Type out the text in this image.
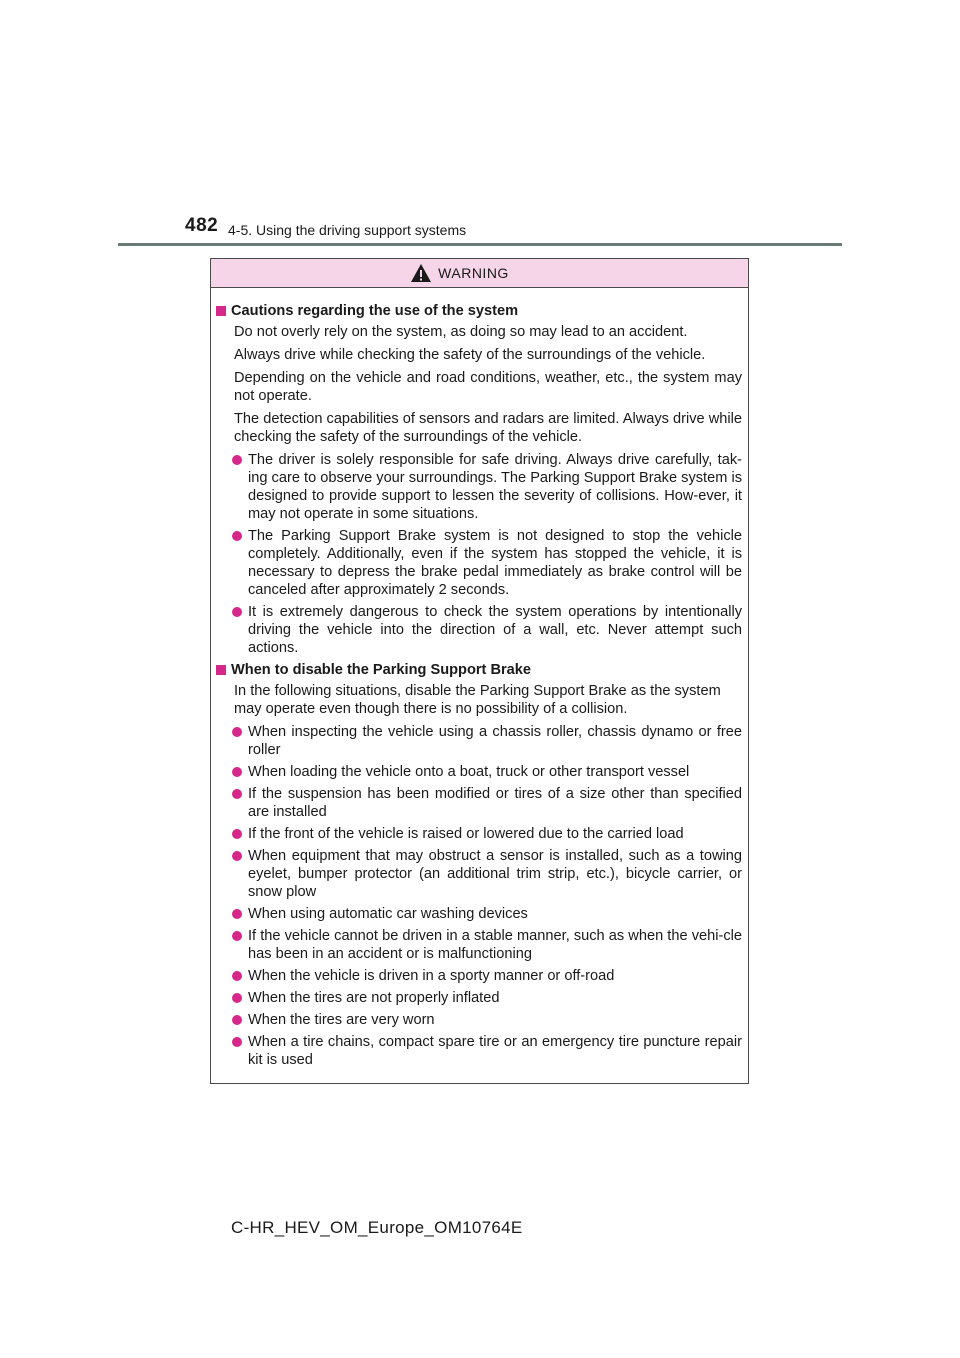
482 4-5. Using the driving support systems
WARNING
Cautions regarding the use of the system
Do not overly rely on the system, as doing so may lead to an accident.
Always drive while checking the safety of the surroundings of the vehicle.
Depending on the vehicle and road conditions, weather, etc., the system may not operate.
The detection capabilities of sensors and radars are limited. Always drive while checking the safety of the surroundings of the vehicle.
The driver is solely responsible for safe driving. Always drive carefully, tak-ing care to observe your surroundings. The Parking Support Brake system is designed to provide support to lessen the severity of collisions. How-ever, it may not operate in some situations.
The Parking Support Brake system is not designed to stop the vehicle completely. Additionally, even if the system has stopped the vehicle, it is necessary to depress the brake pedal immediately as brake control will be canceled after approximately 2 seconds.
It is extremely dangerous to check the system operations by intentionally driving the vehicle into the direction of a wall, etc. Never attempt such actions.
When to disable the Parking Support Brake
In the following situations, disable the Parking Support Brake as the system may operate even though there is no possibility of a collision.
When inspecting the vehicle using a chassis roller, chassis dynamo or free roller
When loading the vehicle onto a boat, truck or other transport vessel
If the suspension has been modified or tires of a size other than specified are installed
If the front of the vehicle is raised or lowered due to the carried load
When equipment that may obstruct a sensor is installed, such as a towing eyelet, bumper protector (an additional trim strip, etc.), bicycle carrier, or snow plow
When using automatic car washing devices
If the vehicle cannot be driven in a stable manner, such as when the vehi-cle has been in an accident or is malfunctioning
When the vehicle is driven in a sporty manner or off-road
When the tires are not properly inflated
When the tires are very worn
When a tire chains, compact spare tire or an emergency tire puncture repair kit is used
C-HR_HEV_OM_Europe_OM10764E
